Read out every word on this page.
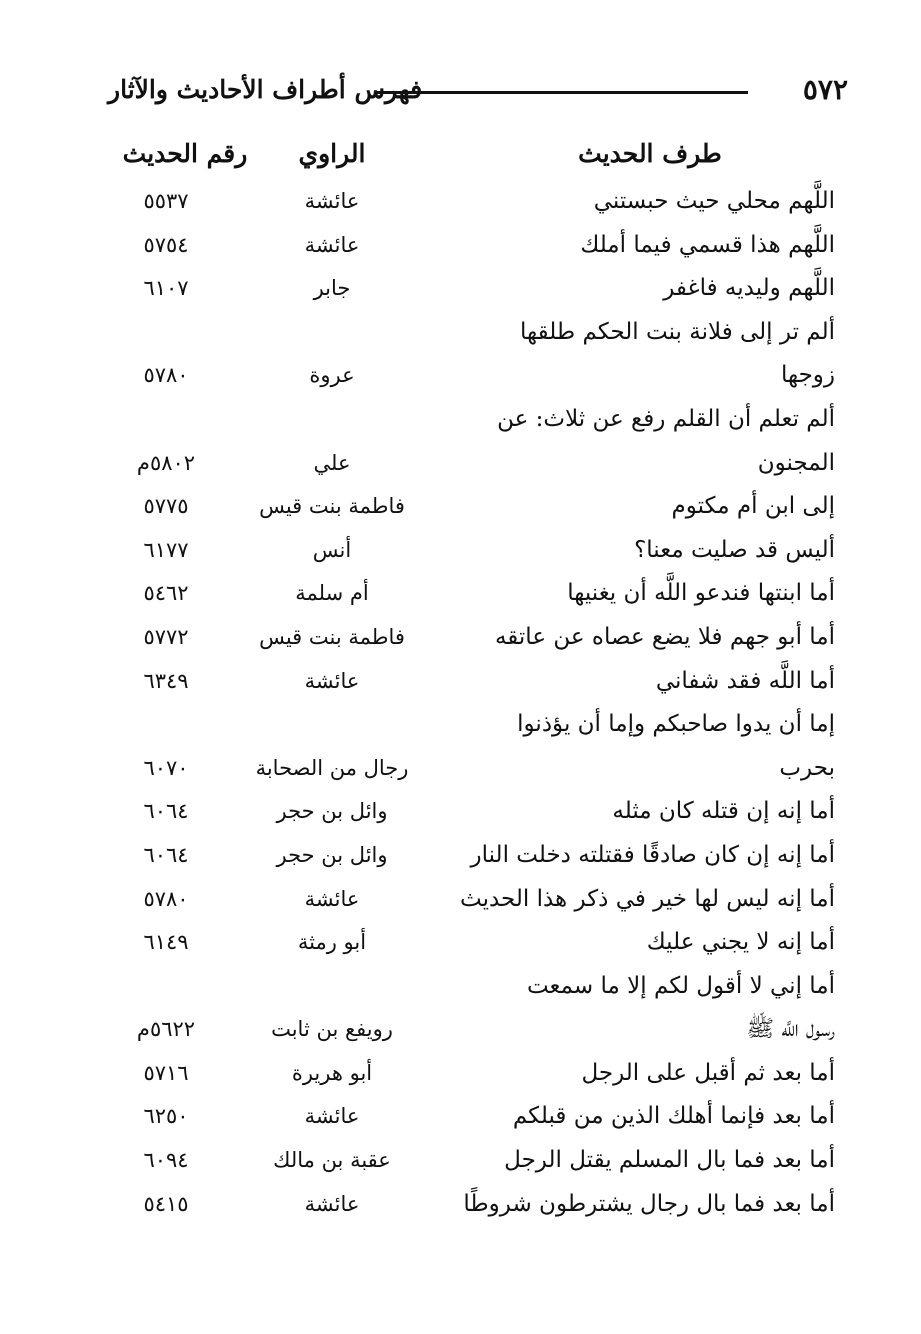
٥٧٢
فهرس أطراف الأحاديث والآثار
طرف الحديث
الراوي
رقم الحديث
اللَّهم محلي حيث حبستني
عائشة
٥٥٣٧
اللَّهم هذا قسمي فيما أملك
عائشة
٥٧٥٤
اللَّهم وليديه فاغفر
جابر
٦١٠٧
ألم تر إلى فلانة بنت الحكم طلقها
زوجها
عروة
٥٧٨٠
ألم تعلم أن القلم رفع عن ثلاث: عن
المجنون
علي
٥٨٠٢م
إلى ابن أم مكتوم
فاطمة بنت قيس
٥٧٧٥
أليس قد صليت معنا؟
أنس
٦١٧٧
أما ابنتها فندعو اللَّه أن يغنيها
أم سلمة
٥٤٦٢
أما أبو جهم فلا يضع عصاه عن عاتقه
فاطمة بنت قيس
٥٧٧٢
أما اللَّه فقد شفاني
عائشة
٦٣٤٩
إما أن يدوا صاحبكم وإما أن يؤذنوا
بحرب
رجال من الصحابة
٦٠٧٠
أما إنه إن قتله كان مثله
وائل بن حجر
٦٠٦٤
أما إنه إن كان صادقًا فقتلته دخلت النار
وائل بن حجر
٦٠٦٤
أما إنه ليس لها خير في ذكر هذا الحديث
عائشة
٥٧٨٠
أما إنه لا يجني عليك
أبو رمثة
٦١٤٩
أما إني لا أقول لكم إلا ما سمعت
رسول اللَّه ﷺ
رويفع بن ثابت
٥٦٢٢م
أما بعد ثم أقبل على الرجل
أبو هريرة
٥٧١٦
أما بعد فإنما أهلك الذين من قبلكم
عائشة
٦٢٥٠
أما بعد فما بال المسلم يقتل الرجل
عقبة بن مالك
٦٠٩٤
أما بعد فما بال رجال يشترطون شروطًا
عائشة
٥٤١٥
